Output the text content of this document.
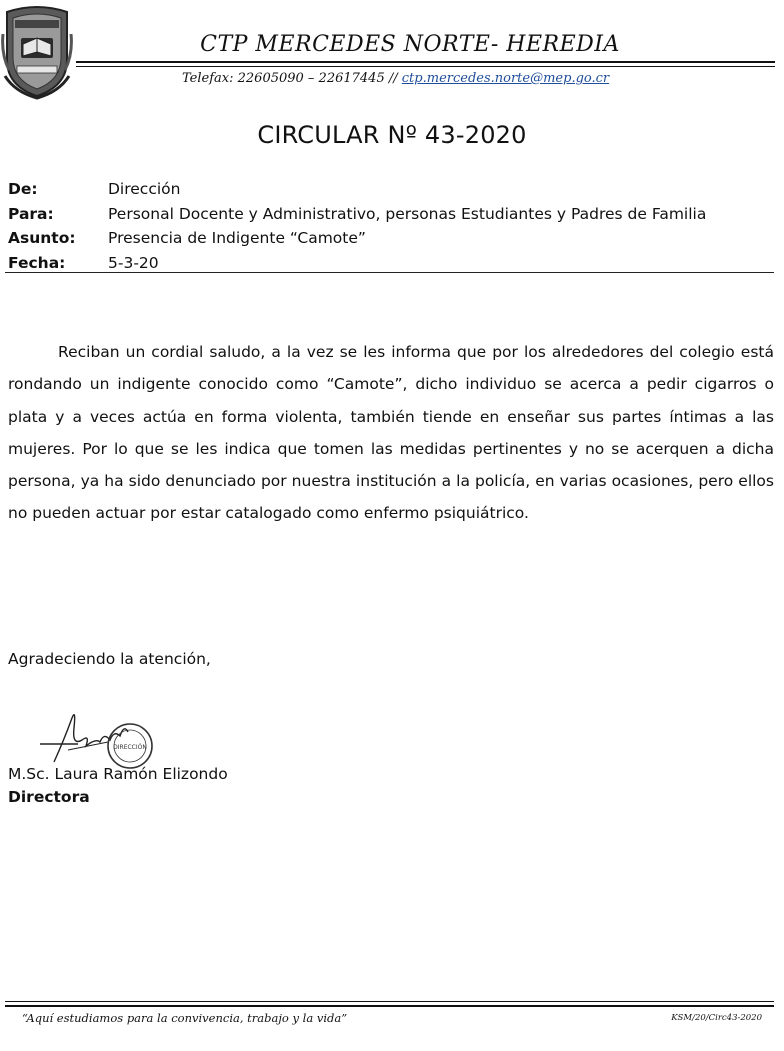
CTP MERCEDES NORTE- HEREDIA
Telefax: 22605090 – 22617445 // ctp.mercedes.norte@mep.go.cr
CIRCULAR Nº 43-2020
De:	Dirección
Para:	Personal Docente y Administrativo, personas Estudiantes y Padres de Familia
Asunto:	Presencia de Indigente “Camote”
Fecha:	5-3-20
Reciban un cordial saludo, a la vez se les informa que por los alrededores del colegio está rondando un indigente conocido como “Camote”, dicho individuo se acerca a pedir cigarros o plata y a veces actúa en forma violenta, también tiende en enseñar sus partes íntimas a las mujeres. Por lo que se les indica que tomen las medidas pertinentes y no se acerquen a dicha persona, ya ha sido denunciado por nuestra institución a la policía, en varias ocasiones, pero ellos no pueden actuar por estar catalogado como enfermo psiquiátrico.
Agradeciendo la atención,
DIRECCIÓN
M.Sc. Laura Ramón Elizondo
Directora
“Aquí estudiamos para la convivencia, trabajo y la vida”	KSM/20/Circ43-2020
